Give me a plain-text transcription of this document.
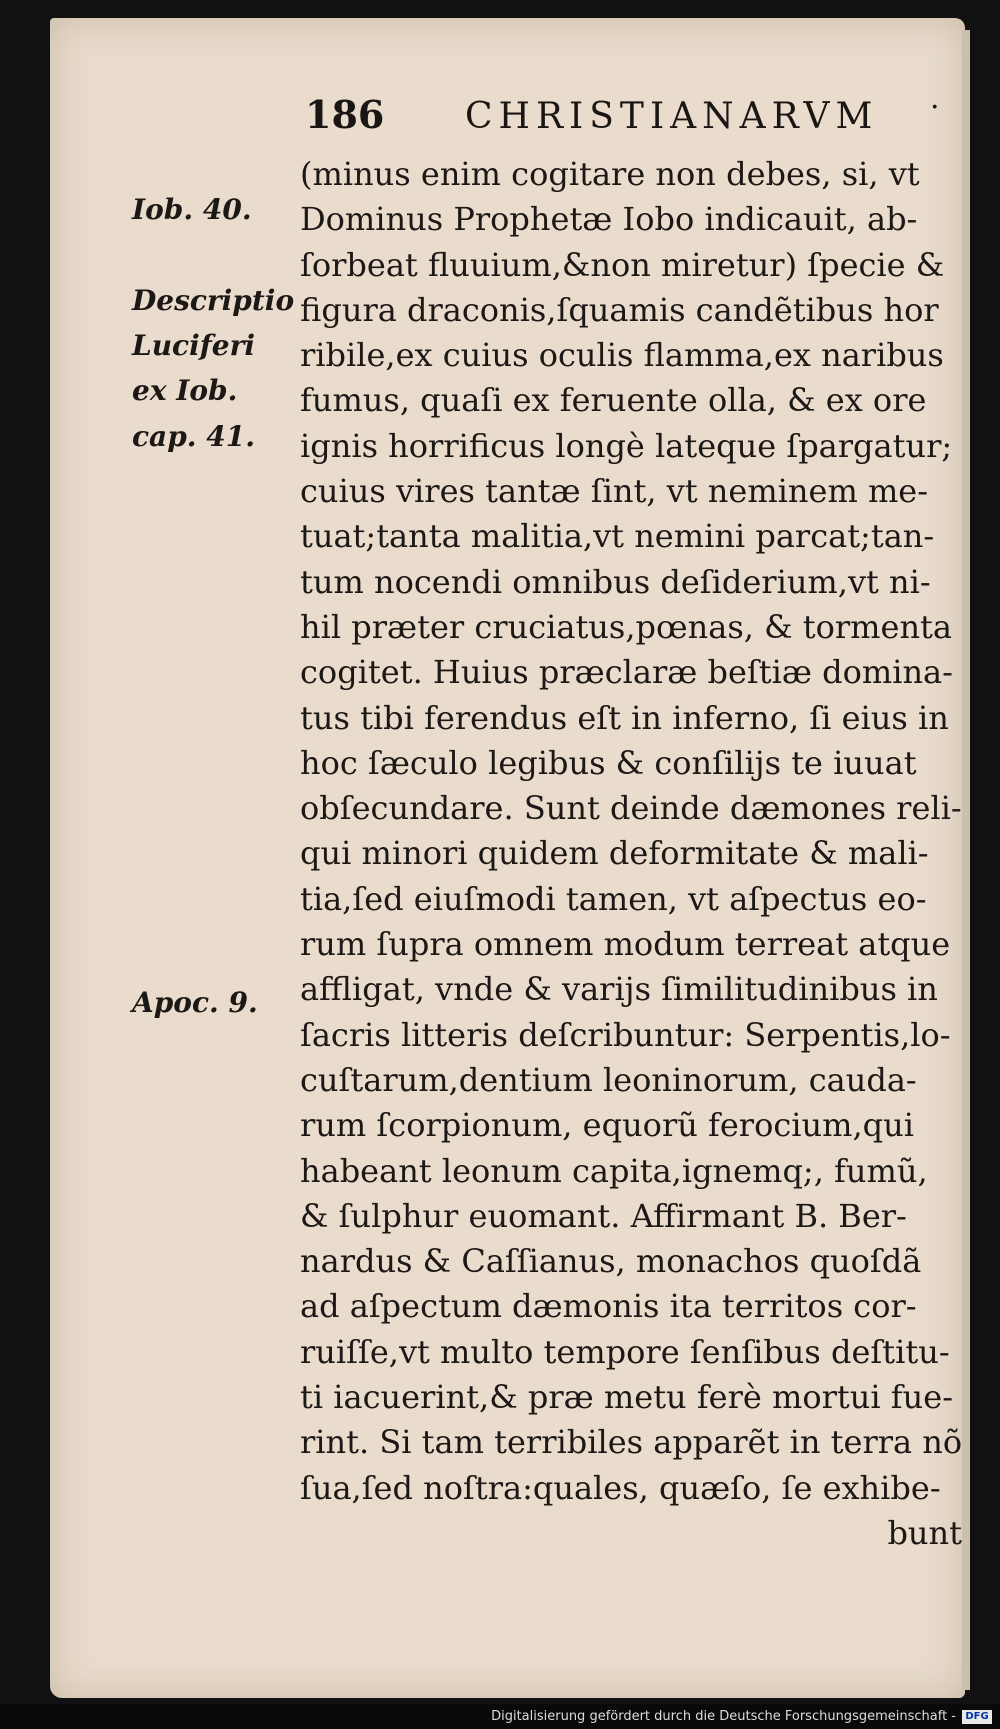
186 CHRISTIANARVM ·
Iob. 40.
Descriptio
Luciferi
ex Iob.
cap. 41.
Apoc. 9.
(minus enim cogitare non debes, si, vt
Dominus Prophetæ Iobo indicauit, ab-
ſorbeat fluuium,&non miretur) ſpecie &
figura draconis,ſquamis candẽtibus hor
ribile,ex cuius oculis flamma,ex naribus
fumus, quaſi ex feruente olla, & ex ore
ignis horrificus longè lateque ſpargatur;
cuius vires tantæ ſint, vt neminem me-
tuat;tanta malitia,vt nemini parcat;tan-
tum nocendi omnibus deſiderium,vt ni-
hil præter cruciatus,pœnas, & tormenta
cogitet. Huius præclaræ beſtiæ domina-
tus tibi ferendus eſt in inferno, ſi eius in
hoc ſæculo legibus & conſilijs te iuuat
obſecundare. Sunt deinde dæmones reli-
qui minori quidem deformitate & mali-
tia,ſed eiuſmodi tamen, vt aſpectus eo-
rum ſupra omnem modum terreat atque
affligat, vnde & varijs ſimilitudinibus in
ſacris litteris deſcribuntur: Serpentis,lo-
cuſtarum,dentium leoninorum, cauda-
rum ſcorpionum, equorũ ferocium,qui
habeant leonum capita,ignemq;, fumũ,
& ſulphur euomant. Affirmant B. Ber-
nardus & Caſſianus, monachos quoſdã
ad aſpectum dæmonis ita territos cor-
ruiſſe,vt multo tempore ſenſibus deſtitu-
ti iacuerint,& præ metu ferè mortui fue-
rint. Si tam terribiles apparẽt in terra nõ
ſua,ſed noſtra:quales, quæſo, ſe exhibe-
bunt
Digitalisierung gefördert durch die Deutsche Forschungsgemeinschaft - DFG
